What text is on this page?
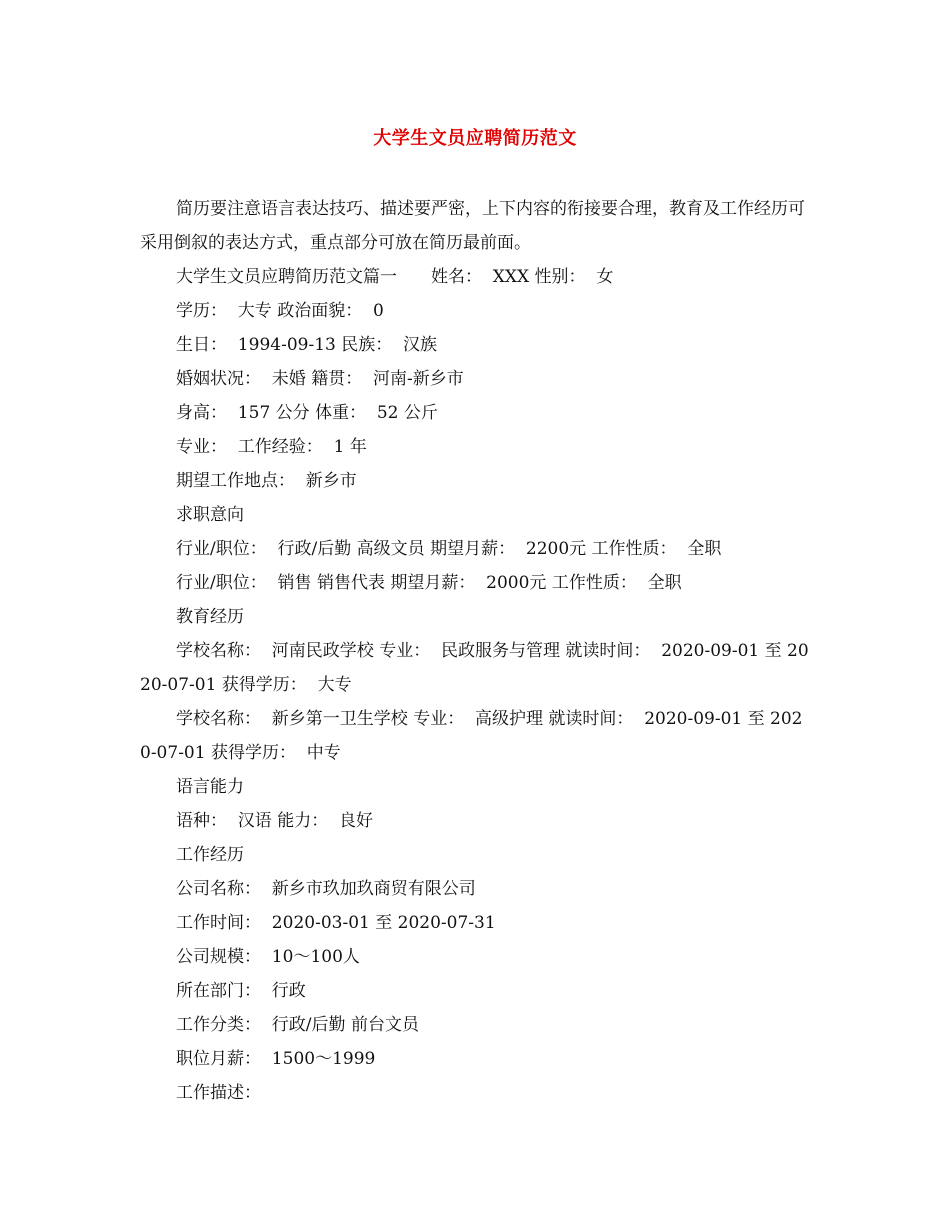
大学生文员应聘简历范文

简历要注意语言表达技巧、描述要严密，上下内容的衔接要合理，教育及工作经历可采用倒叙的表达方式，重点部分可放在简历最前面。

大学生文员应聘简历范文篇一　　姓名：  XXX 性别：  女

学历：  大专 政治面貌：  0

生日：  1994-09-13 民族：  汉族

婚姻状况：  未婚 籍贯：  河南-新乡市

身高：  157 公分 体重：  52 公斤

专业：  工作经验：  1 年

期望工作地点：  新乡市

求职意向

行业/职位：  行政/后勤 高级文员 期望月薪：  2200元 工作性质：  全职

行业/职位：  销售 销售代表 期望月薪：  2000元 工作性质：  全职

教育经历

学校名称：  河南民政学校 专业：  民政服务与管理 就读时间：  2020-09-01 至 2020-07-01 获得学历：  大专

学校名称：  新乡第一卫生学校 专业：  高级护理 就读时间：  2020-09-01 至 2020-07-01 获得学历：  中专

语言能力

语种：  汉语 能力：  良好

工作经历

公司名称：  新乡市玖加玖商贸有限公司

工作时间：  2020-03-01 至 2020-07-31

公司规模：  10～100人

所在部门：  行政

工作分类：  行政/后勤 前台文员

职位月薪：  1500～1999

工作描述：
